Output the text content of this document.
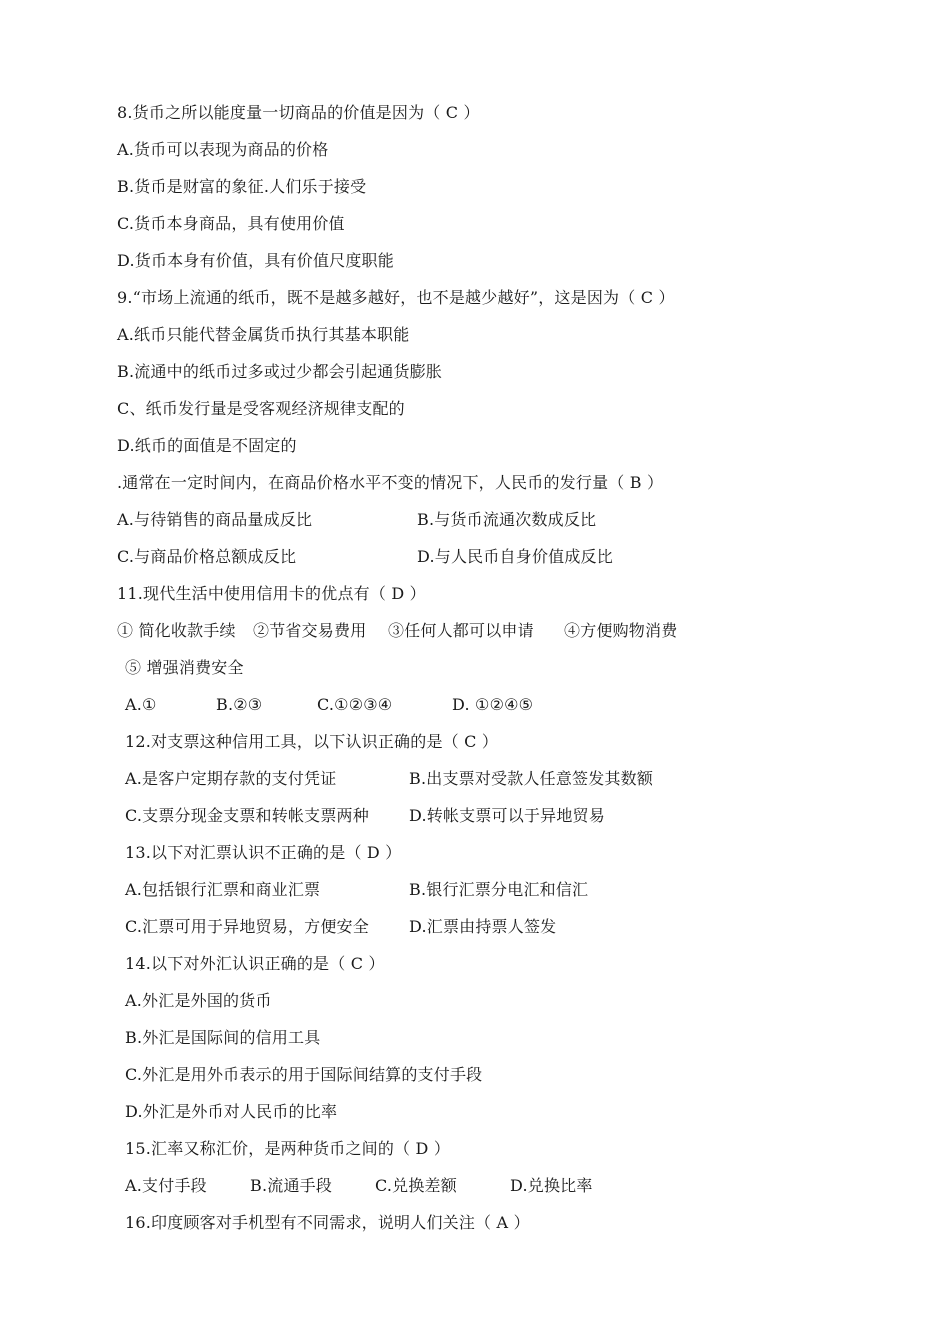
8.货币之所以能度量一切商品的价值是因为（ C ）
A.货币可以表现为商品的价格
B.货币是财富的象征.人们乐于接受
C.货币本身商品，具有使用价值
D.货币本身有价值，具有价值尺度职能
9.“市场上流通的纸币，既不是越多越好，也不是越少越好”，这是因为（ C ）
A.纸币只能代替金属货币执行其基本职能
B.流通中的纸币过多或过少都会引起通货膨胀
C、纸币发行量是受客观经济规律支配的
D.纸币的面值是不固定的
.通常在一定时间内，在商品价格水平不变的情况下，人民币的发行量（ B ）
A.与待销售的商品量成反比	B.与货币流通次数成反比
C.与商品价格总额成反比	D.与人民币自身价值成反比
11.现代生活中使用信用卡的优点有（ D ）
① 简化收款手续 ②节省交易费用 ③任何人都可以申请 ④方便购物消费
⑤ 增强消费安全
A.①	B.②③	C.①②③④	D. ①②④⑤
12.对支票这种信用工具，以下认识正确的是（ C ）
A.是客户定期存款的支付凭证	B.出支票对受款人任意签发其数额
C.支票分现金支票和转帐支票两种	D.转帐支票可以于异地贸易
13.以下对汇票认识不正确的是（ D ）
A.包括银行汇票和商业汇票	B.银行汇票分电汇和信汇
C.汇票可用于异地贸易，方便安全	D.汇票由持票人签发
14.以下对外汇认识正确的是（ C ）
A.外汇是外国的货币
B.外汇是国际间的信用工具
C.外汇是用外币表示的用于国际间结算的支付手段
D.外汇是外币对人民币的比率
15.汇率又称汇价，是两种货币之间的（ D ）
A.支付手段	B.流通手段	C.兑换差额	D.兑换比率
16.印度顾客对手机型有不同需求，说明人们关注（ A ）
